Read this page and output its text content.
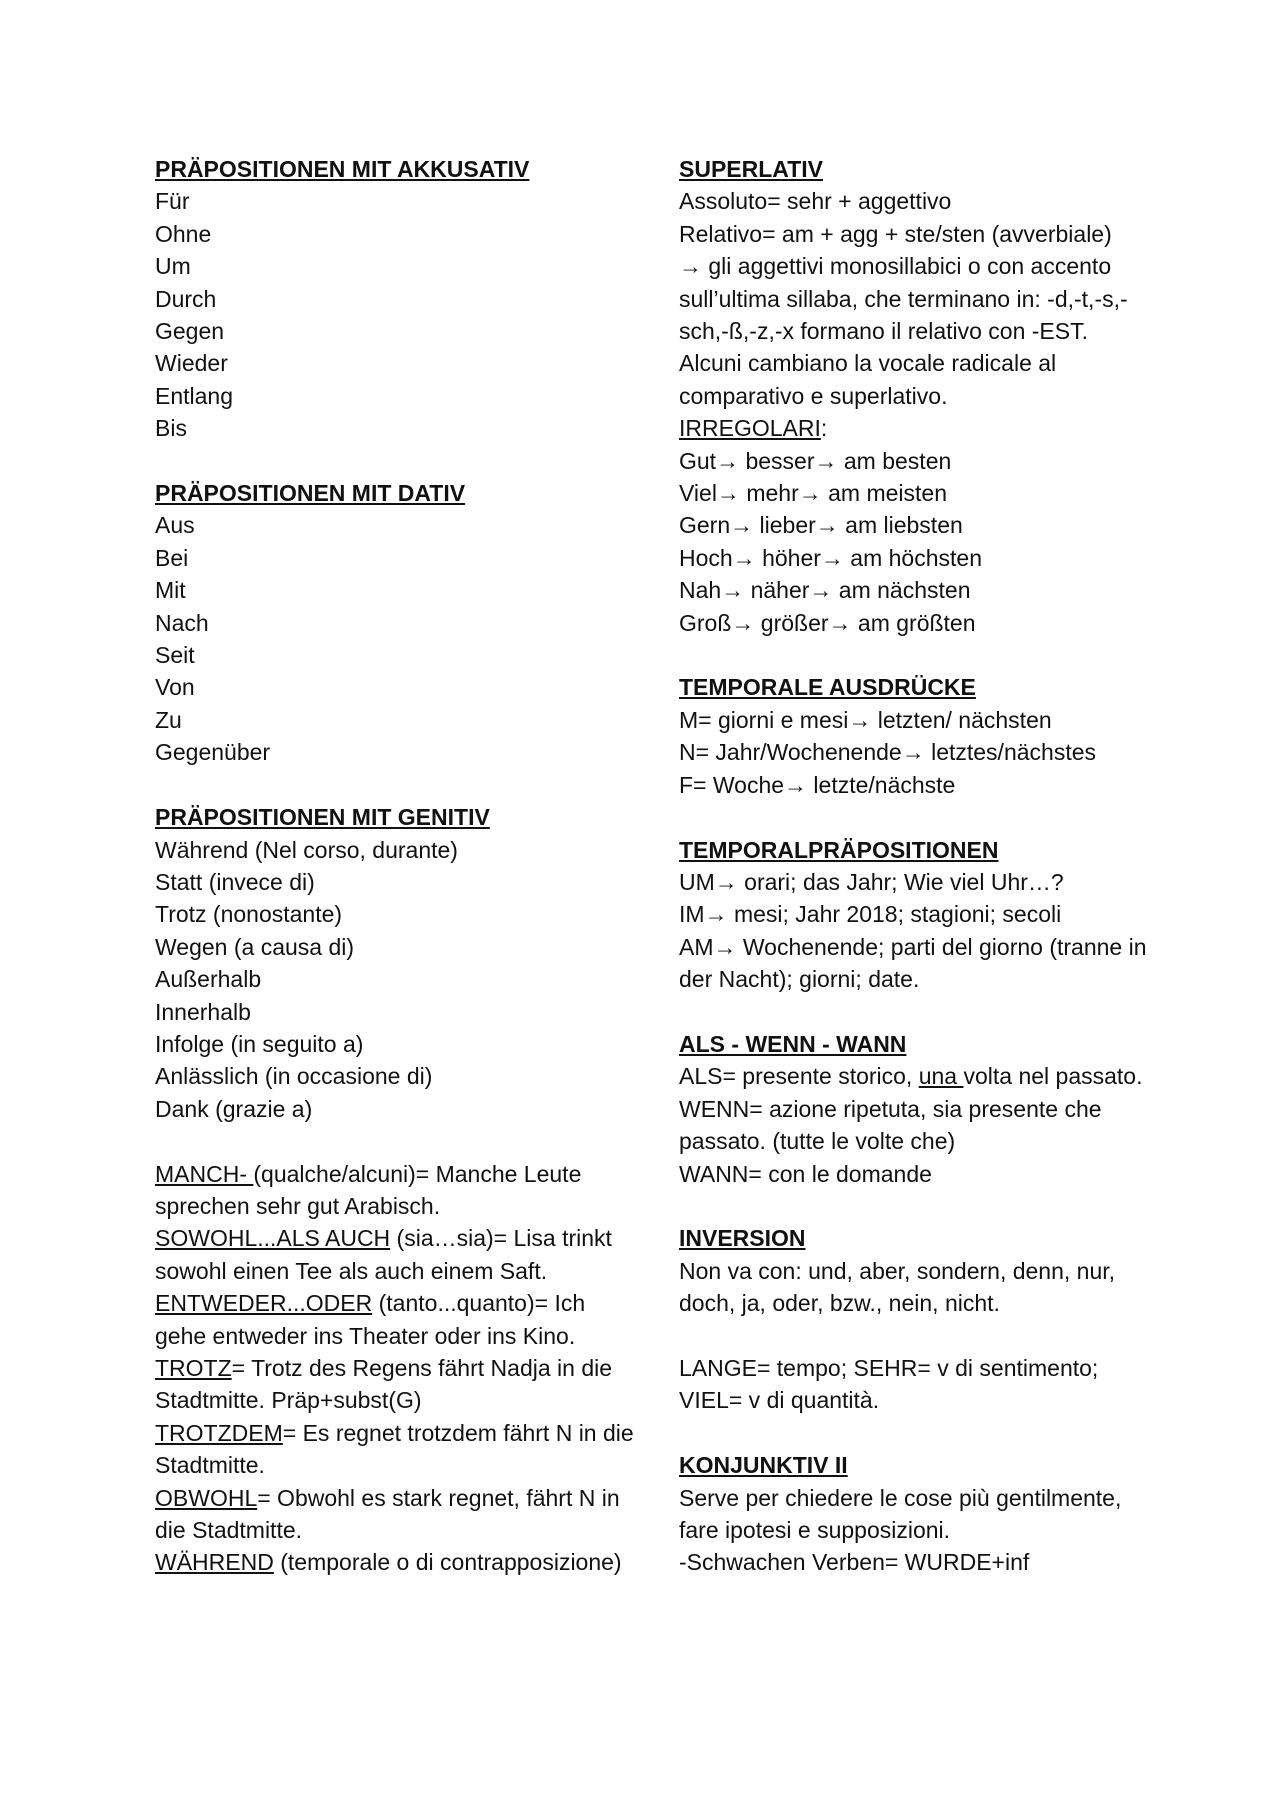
PRÄPOSITIONEN MIT AKKUSATIV
Für
Ohne
Um
Durch
Gegen
Wieder
Entlang
Bis
PRÄPOSITIONEN MIT DATIV
Aus
Bei
Mit
Nach
Seit
Von
Zu
Gegenüber
PRÄPOSITIONEN MIT GENITIV
Während (Nel corso, durante)
Statt (invece di)
Trotz (nonostante)
Wegen (a causa di)
Außerhalb
Innerhalb
Infolge (in seguito a)
Anlässlich (in occasione di)
Dank (grazie a)
MANCH- (qualche/alcuni)= Manche Leute sprechen sehr gut Arabisch.
SOWOHL...ALS AUCH (sia…sia)= Lisa trinkt sowohl einen Tee als auch einem Saft.
ENTWEDER...ODER (tanto...quanto)= Ich gehe entweder ins Theater oder ins Kino.
TROTZ= Trotz des Regens fährt Nadja in die Stadtmitte. Präp+subst(G)
TROTZDEM= Es regnet trotzdem fährt N in die Stadtmitte.
OBWOHL= Obwohl es stark regnet, fährt N in die Stadtmitte.
WÄHREND (temporale o di contrapposizione)
SUPERLATIV
Assoluto= sehr + aggettivo
Relativo= am + agg + ste/sten (avverbiale)
→ gli aggettivi monosillabici o con accento sull’ultima sillaba, che terminano in: -d,-t,-s,-sch,-ß,-z,-x formano il relativo con -EST.
Alcuni cambiano la vocale radicale al comparativo e superlativo.
IRREGOLARI:
Gut→ besser→ am besten
Viel→ mehr→ am meisten
Gern→ lieber→ am liebsten
Hoch→ höher→ am höchsten
Nah→ näher→ am nächsten
Groß→ größer→ am größten
TEMPORALE AUSDRÜCKE
M= giorni e mesi→ letzten/ nächsten
N= Jahr/Wochenende→ letztes/nächstes
F= Woche→ letzte/nächste
TEMPORALPRÄPOSITIONEN
UM→ orari; das Jahr; Wie viel Uhr…?
IM→ mesi; Jahr 2018; stagioni; secoli
AM→ Wochenende; parti del giorno (tranne in der Nacht); giorni; date.
ALS - WENN - WANN
ALS= presente storico, una volta nel passato.
WENN= azione ripetuta, sia presente che passato. (tutte le volte che)
WANN= con le domande
INVERSION
Non va con: und, aber, sondern, denn, nur, doch, ja, oder, bzw., nein, nicht.
LANGE= tempo; SEHR= v di sentimento; VIEL= v di quantità.
KONJUNKTIV II
Serve per chiedere le cose più gentilmente, fare ipotesi e supposizioni.
-Schwachen Verben= WURDE+inf
